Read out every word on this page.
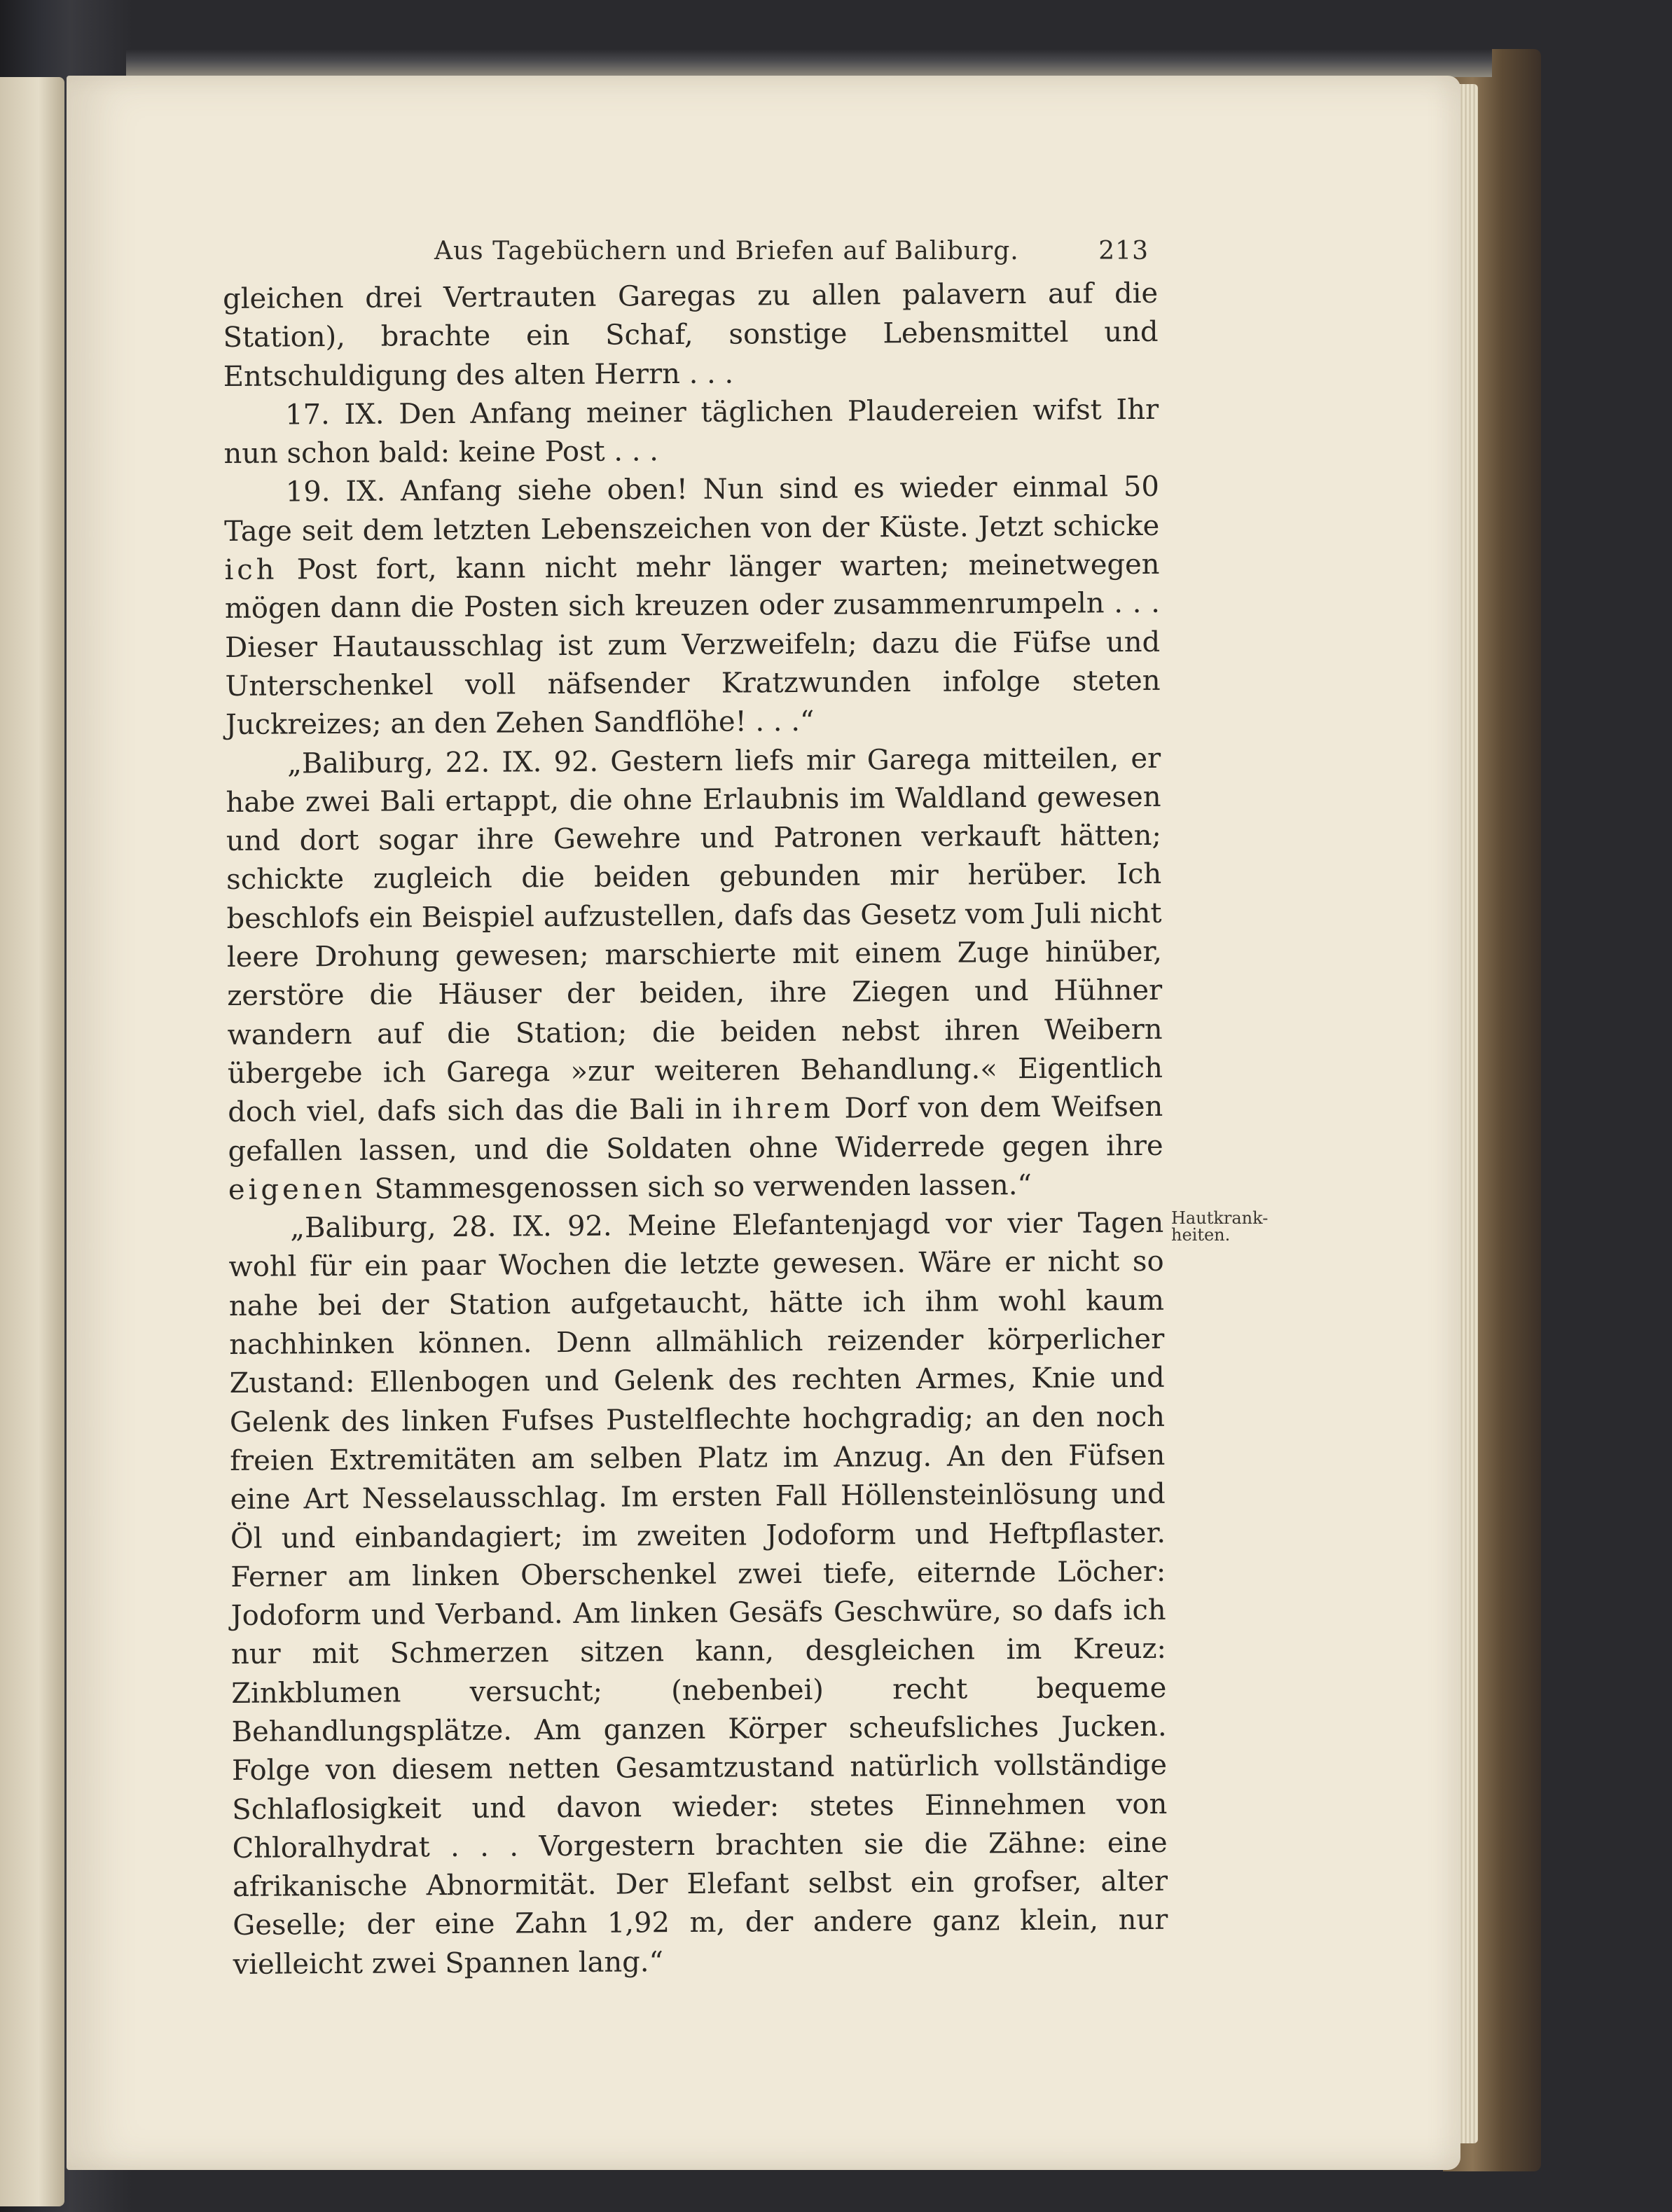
Aus Tagebüchern und Briefen auf Baliburg.	213

gleichen drei Vertrauten Garegas zu allen palavern auf die Station), brachte ein Schaf, sonstige Lebensmittel und Entschuldigung des alten Herrn . . .

17. IX. Den Anfang meiner täglichen Plaudereien wifst Ihr nun schon bald: keine Post . . .

19. IX. Anfang siehe oben! Nun sind es wieder einmal 50 Tage seit dem letzten Lebenszeichen von der Küste. Jetzt schicke ich Post fort, kann nicht mehr länger warten; meinetwegen mögen dann die Posten sich kreuzen oder zusammenrumpeln . . . Dieser Hautausschlag ist zum Verzweifeln; dazu die Füfse und Unterschenkel voll näfsender Kratzwunden infolge steten Juckreizes; an den Zehen Sandflöhe! . . .“

„Baliburg, 22. IX. 92. Gestern liefs mir Garega mitteilen, er habe zwei Bali ertappt, die ohne Erlaubnis im Waldland gewesen und dort sogar ihre Gewehre und Patronen verkauft hätten; schickte zugleich die beiden gebunden mir herüber. Ich beschlofs ein Beispiel aufzustellen, dafs das Gesetz vom Juli nicht leere Drohung gewesen; marschierte mit einem Zuge hinüber, zerstöre die Häuser der beiden, ihre Ziegen und Hühner wandern auf die Station; die beiden nebst ihren Weibern übergebe ich Garega »zur weiteren Behandlung.« Eigentlich doch viel, dafs sich das die Bali in ihrem Dorf von dem Weifsen gefallen lassen, und die Soldaten ohne Widerrede gegen ihre eigenen Stammesgenossen sich so verwenden lassen.“

„Baliburg, 28. IX. 92. Meine Elefantenjagd vor vier Tagen wohl für ein paar Wochen die letzte gewesen. Wäre er nicht so nahe bei der Station aufgetaucht, hätte ich ihm wohl kaum nachhinken können. Denn allmählich reizender körperlicher Zustand: Ellenbogen und Gelenk des rechten Armes, Knie und Gelenk des linken Fufses Pustelflechte hochgradig; an den noch freien Extremitäten am selben Platz im Anzug. An den Füfsen eine Art Nesselausschlag. Im ersten Fall Höllensteinlösung und Öl und einbandagiert; im zweiten Jodoform und Heftpflaster. Ferner am linken Oberschenkel zwei tiefe, eiternde Löcher: Jodoform und Verband. Am linken Gesäfs Geschwüre, so dafs ich nur mit Schmerzen sitzen kann, desgleichen im Kreuz: Zinkblumen versucht; (nebenbei) recht bequeme Behandlungsplätze. Am ganzen Körper scheufsliches Jucken. Folge von diesem netten Gesamtzustand natürlich vollständige Schlaflosigkeit und davon wieder: stetes Einnehmen von Chloralhydrat . . . Vorgestern brachten sie die Zähne: eine afrikanische Abnormität. Der Elefant selbst ein grofser, alter Geselle; der eine Zahn 1,92 m, der andere ganz klein, nur vielleicht zwei Spannen lang.“

Hautkrank-
heiten.
